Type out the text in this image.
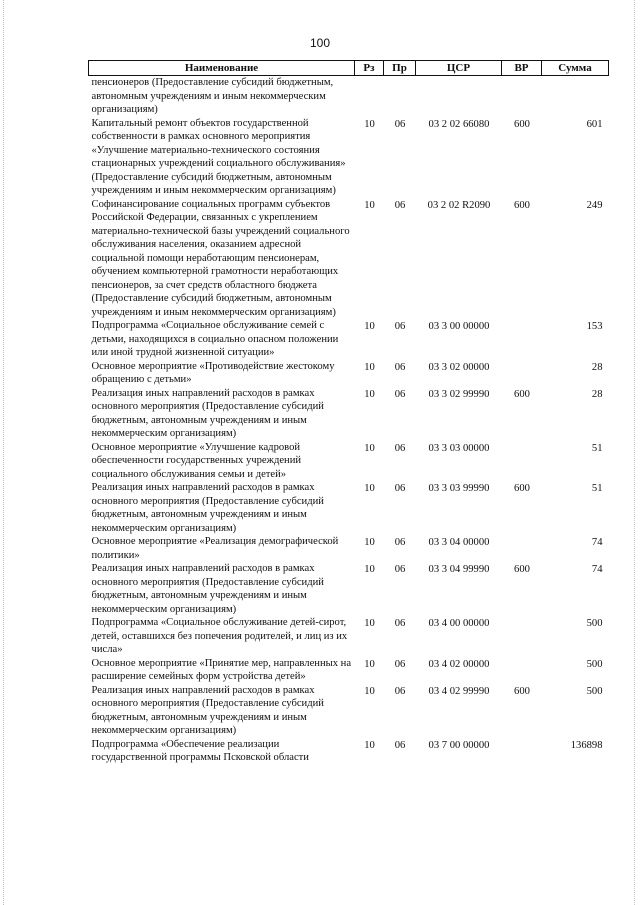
100
Наименование	Рз	Пр	ЦСР	ВР	Сумма
пенсионеров (Предоставление субсидий бюджетным, автономным учреждениям и иным некоммерческим организациям)					
Капитальный ремонт объектов государственной собственности в рамках основного мероприятия «Улучшение материально-технического состояния стационарных учреждений социального обслуживания» (Предоставление субсидий бюджетным, автономным учреждениям и иным некоммерческим организациям)	10	06	03 2 02 66080	600	601
Софинансирование социальных программ субъектов Российской Федерации, связанных с укреплением материально-технической базы учреждений социального обслуживания населения, оказанием адресной социальной помощи неработающим пенсионерам, обучением компьютерной грамотности неработающих пенсионеров, за счет средств областного бюджета (Предоставление субсидий бюджетным, автономным учреждениям и иным некоммерческим организациям)	10	06	03 2 02 R2090	600	249
Подпрограмма «Социальное обслуживание семей с детьми, находящихся в социально опасном положении или иной трудной жизненной ситуации»	10	06	03 3 00 00000		153
Основное мероприятие «Противодействие жестокому обращению с детьми»	10	06	03 3 02 00000		28
Реализация иных направлений расходов в рамках основного мероприятия (Предоставление субсидий бюджетным, автономным учреждениям и иным некоммерческим организациям)	10	06	03 3 02 99990	600	28
Основное мероприятие «Улучшение кадровой обеспеченности государственных учреждений социального обслуживания семьи и детей»	10	06	03 3 03 00000		51
Реализация иных направлений расходов в рамках основного мероприятия (Предоставление субсидий бюджетным, автономным учреждениям и иным некоммерческим организациям)	10	06	03 3 03 99990	600	51
Основное мероприятие «Реализация демографической политики»	10	06	03 3 04 00000		74
Реализация иных направлений расходов в рамках основного мероприятия (Предоставление субсидий бюджетным, автономным учреждениям и иным некоммерческим организациям)	10	06	03 3 04 99990	600	74
Подпрограмма «Социальное обслуживание детей-сирот, детей, оставшихся без попечения родителей, и лиц из их числа»	10	06	03 4 00 00000		500
Основное мероприятие «Принятие мер, направленных на расширение семейных форм устройства детей»	10	06	03 4 02 00000		500
Реализация иных направлений расходов в рамках основного мероприятия (Предоставление субсидий бюджетным, автономным учреждениям и иным некоммерческим организациям)	10	06	03 4 02 99990	600	500
Подпрограмма «Обеспечение реализации государственной программы Псковской области	10	06	03 7 00 00000		136898
